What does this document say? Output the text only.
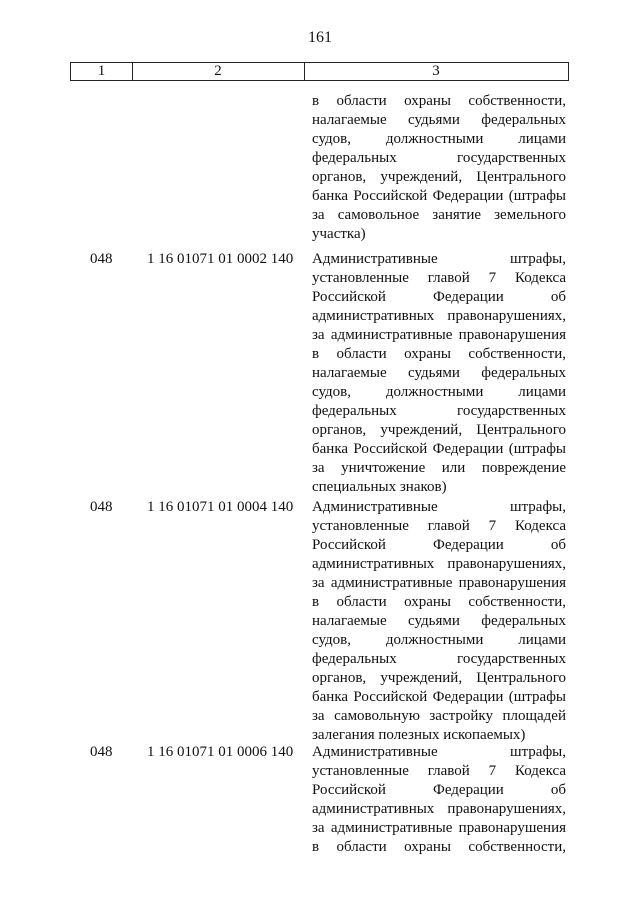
161
1	2	3
в области охраны собственности,
налагаемые судьями федеральных
судов, должностными лицами
федеральных государственных
органов, учреждений, Центрального
банка Российской Федерации (штрафы
за самовольное занятие земельного
участка)
048	1 16 01071 01 0002 140	Административные штрафы,
установленные главой 7 Кодекса
Российской Федерации об
административных правонарушениях,
за административные правонарушения
в области охраны собственности,
налагаемые судьями федеральных
судов, должностными лицами
федеральных государственных
органов, учреждений, Центрального
банка Российской Федерации (штрафы
за уничтожение или повреждение
специальных знаков)
048	1 16 01071 01 0004 140	Административные штрафы,
установленные главой 7 Кодекса
Российской Федерации об
административных правонарушениях,
за административные правонарушения
в области охраны собственности,
налагаемые судьями федеральных
судов, должностными лицами
федеральных государственных
органов, учреждений, Центрального
банка Российской Федерации (штрафы
за самовольную застройку площадей
залегания полезных ископаемых)
048	1 16 01071 01 0006 140	Административные штрафы,
установленные главой 7 Кодекса
Российской Федерации об
административных правонарушениях,
за административные правонарушения
в области охраны собственности,
